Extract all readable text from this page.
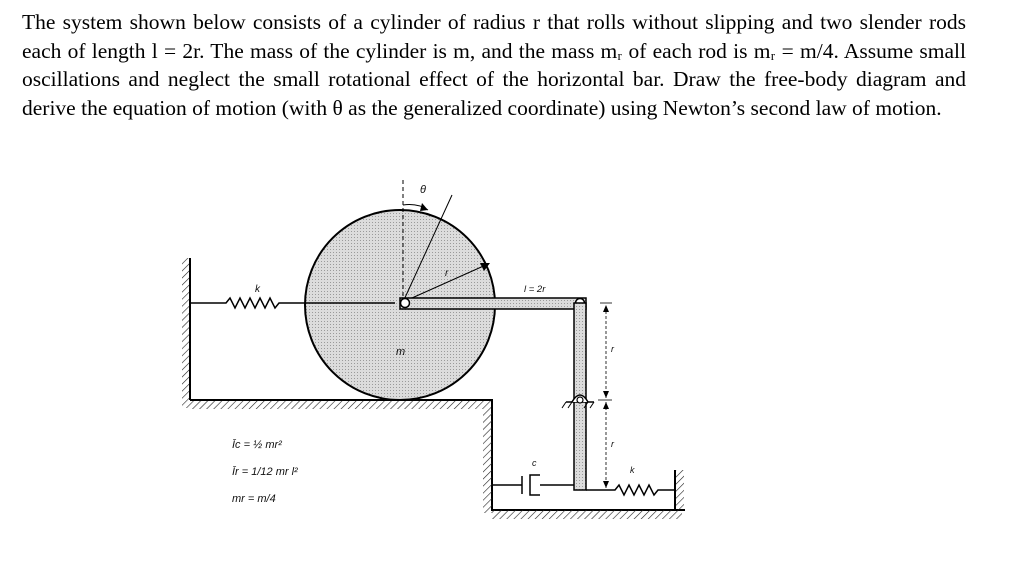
The system shown below consists of a cylinder of radius r that rolls without slipping and two slender rods each of length l = 2r. The mass of the cylinder is m, and the mass mᵣ of each rod is mᵣ = m/4. Assume small oscillations and neglect the small rotational effect of the horizontal bar. Draw the free-body diagram and derive the equation of motion (with θ as the generalized coordinate) using Newton’s second law of motion.
θ
r
m
k	l = 2r
r
r
c
k
Īc = ½ mr²
Īr = 1/12 mr l²
mr = m/4
